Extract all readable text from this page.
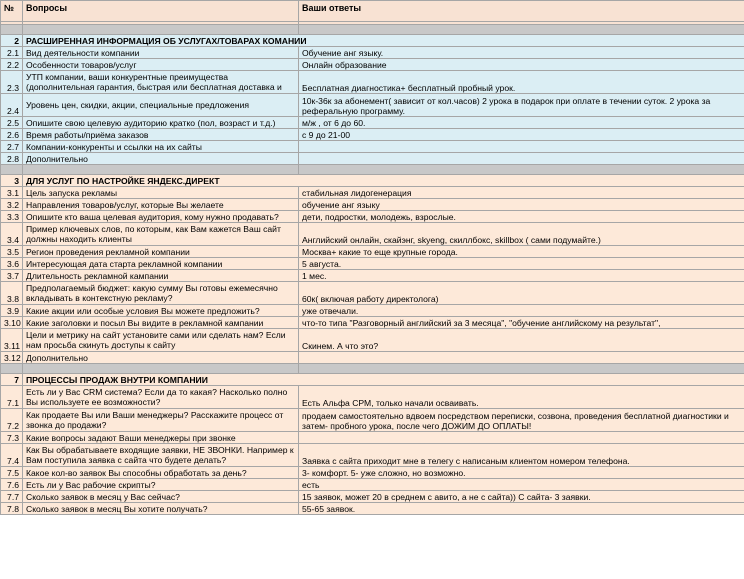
№	Вопросы	Ваши ответы

2	РАСШИРЕННАЯ ИНФОРМАЦИЯ ОБ УСЛУГАХ/ТОВАРАХ КОМАНИИ	
2.1	Вид деятельности компании	Обучение анг языку.
2.2	Особенности товаров/услуг	Онлайн образование
2.3	УТП компании, ваши конкурентные преимущества (дополнительная гарантия, быстрая или бесплатная доставка и	Бесплатная диагностика+ бесплатный пробный урок.
2.4	Уровень цен, скидки, акции, специальные предложения	10к-36к за абонемент( зависит от кол.часов) 2 урока в подарок при оплате в течении суток. 2 урока за реферальную программу.
2.5	Опишите свою целевую аудиторию кратко (пол, возраст и т.д.)	м/ж , от 6 до 60.
2.6	Время работы/приёма заказов	с 9 до 21-00
2.7	Компании-конкуренты и ссылки на их сайты	
2.8	Дополнительно	

3	ДЛЯ УСЛУГ ПО НАСТРОЙКЕ ЯНДЕКС.ДИРЕКТ	
3.1	Цель запуска рекламы	стабильная лидогенерация
3.2	Направления товаров/услуг, которые Вы желаете	обучение анг языку
3.3	Опишите кто ваша целевая аудитория, кому нужно продавать?	дети, подростки, молодежь, взрослые.
3.4	Пример ключевых слов, по которым, как Вам кажется Ваш сайт должны находить клиенты	Английский онлайн, скайэнг, skyeng, скиллбокс, skillbox ( сами подумайте.)
3.5	Регион проведения рекламной компании	Москва+ какие то еще крупные города.
3.6	Интересующая дата старта рекламной компании	5 августа.
3.7	Длительность рекламной кампании	1 мес.
3.8	Предполагаемый бюджет: какую сумму Вы готовы ежемесячно вкладывать в контекстную рекламу?	60к( включая работу директолога)
3.9	Какие акции или особые условия Вы можете предложить?	уже отвечали.
3.10	Какие заголовки и посыл Вы видите в рекламной кампании	что-то типа "Разговорный английский за 3 месяца", "обучение английскому на результат",
3.11	Цели и метрику на сайт установите сами или сделать нам? Если нам просьба скинуть доступы к сайту	Скинем. А что это?
3.12	Дополнительно	

7	ПРОЦЕССЫ ПРОДАЖ ВНУТРИ КОМПАНИИ	
7.1	Есть ли у Вас CRM система? Если да то какая? Насколько полно Вы используете ее возможности?	Есть Альфа СРМ, только начали осваивать.
7.2	Как продаете Вы или Ваши менеджеры? Расскажите процесс от звонка до продажи?	продаем самостоятельно вдвоем посредством переписки, созвона, проведения бесплатной диагностики и затем- пробного урока, после чего ДОЖИМ ДО ОПЛАТЫ!
7.3	Какие вопросы задают Ваши менеджеры при звонке	
7.4	Как Вы обрабатываете входящие заявки, НЕ ЗВОНКИ. Например к Вам поступила заявка с сайта что будете делать?	Заявка с сайта приходит мне в телегу с написаным клиентом номером телефона.
7.5	Какое кол-во заявок Вы способны обработать за день?	3- комфорт. 5- уже сложно, но возможно.
7.6	Есть ли у Вас рабочие скрипты?	есть
7.7	Сколько заявок в месяц у Вас сейчас?	15 заявок, может 20 в среднем с авито, а не с сайта)) С сайта- 3 заявки.
7.8	Сколько заявок в месяц Вы хотите получать?	55-65 заявок.
